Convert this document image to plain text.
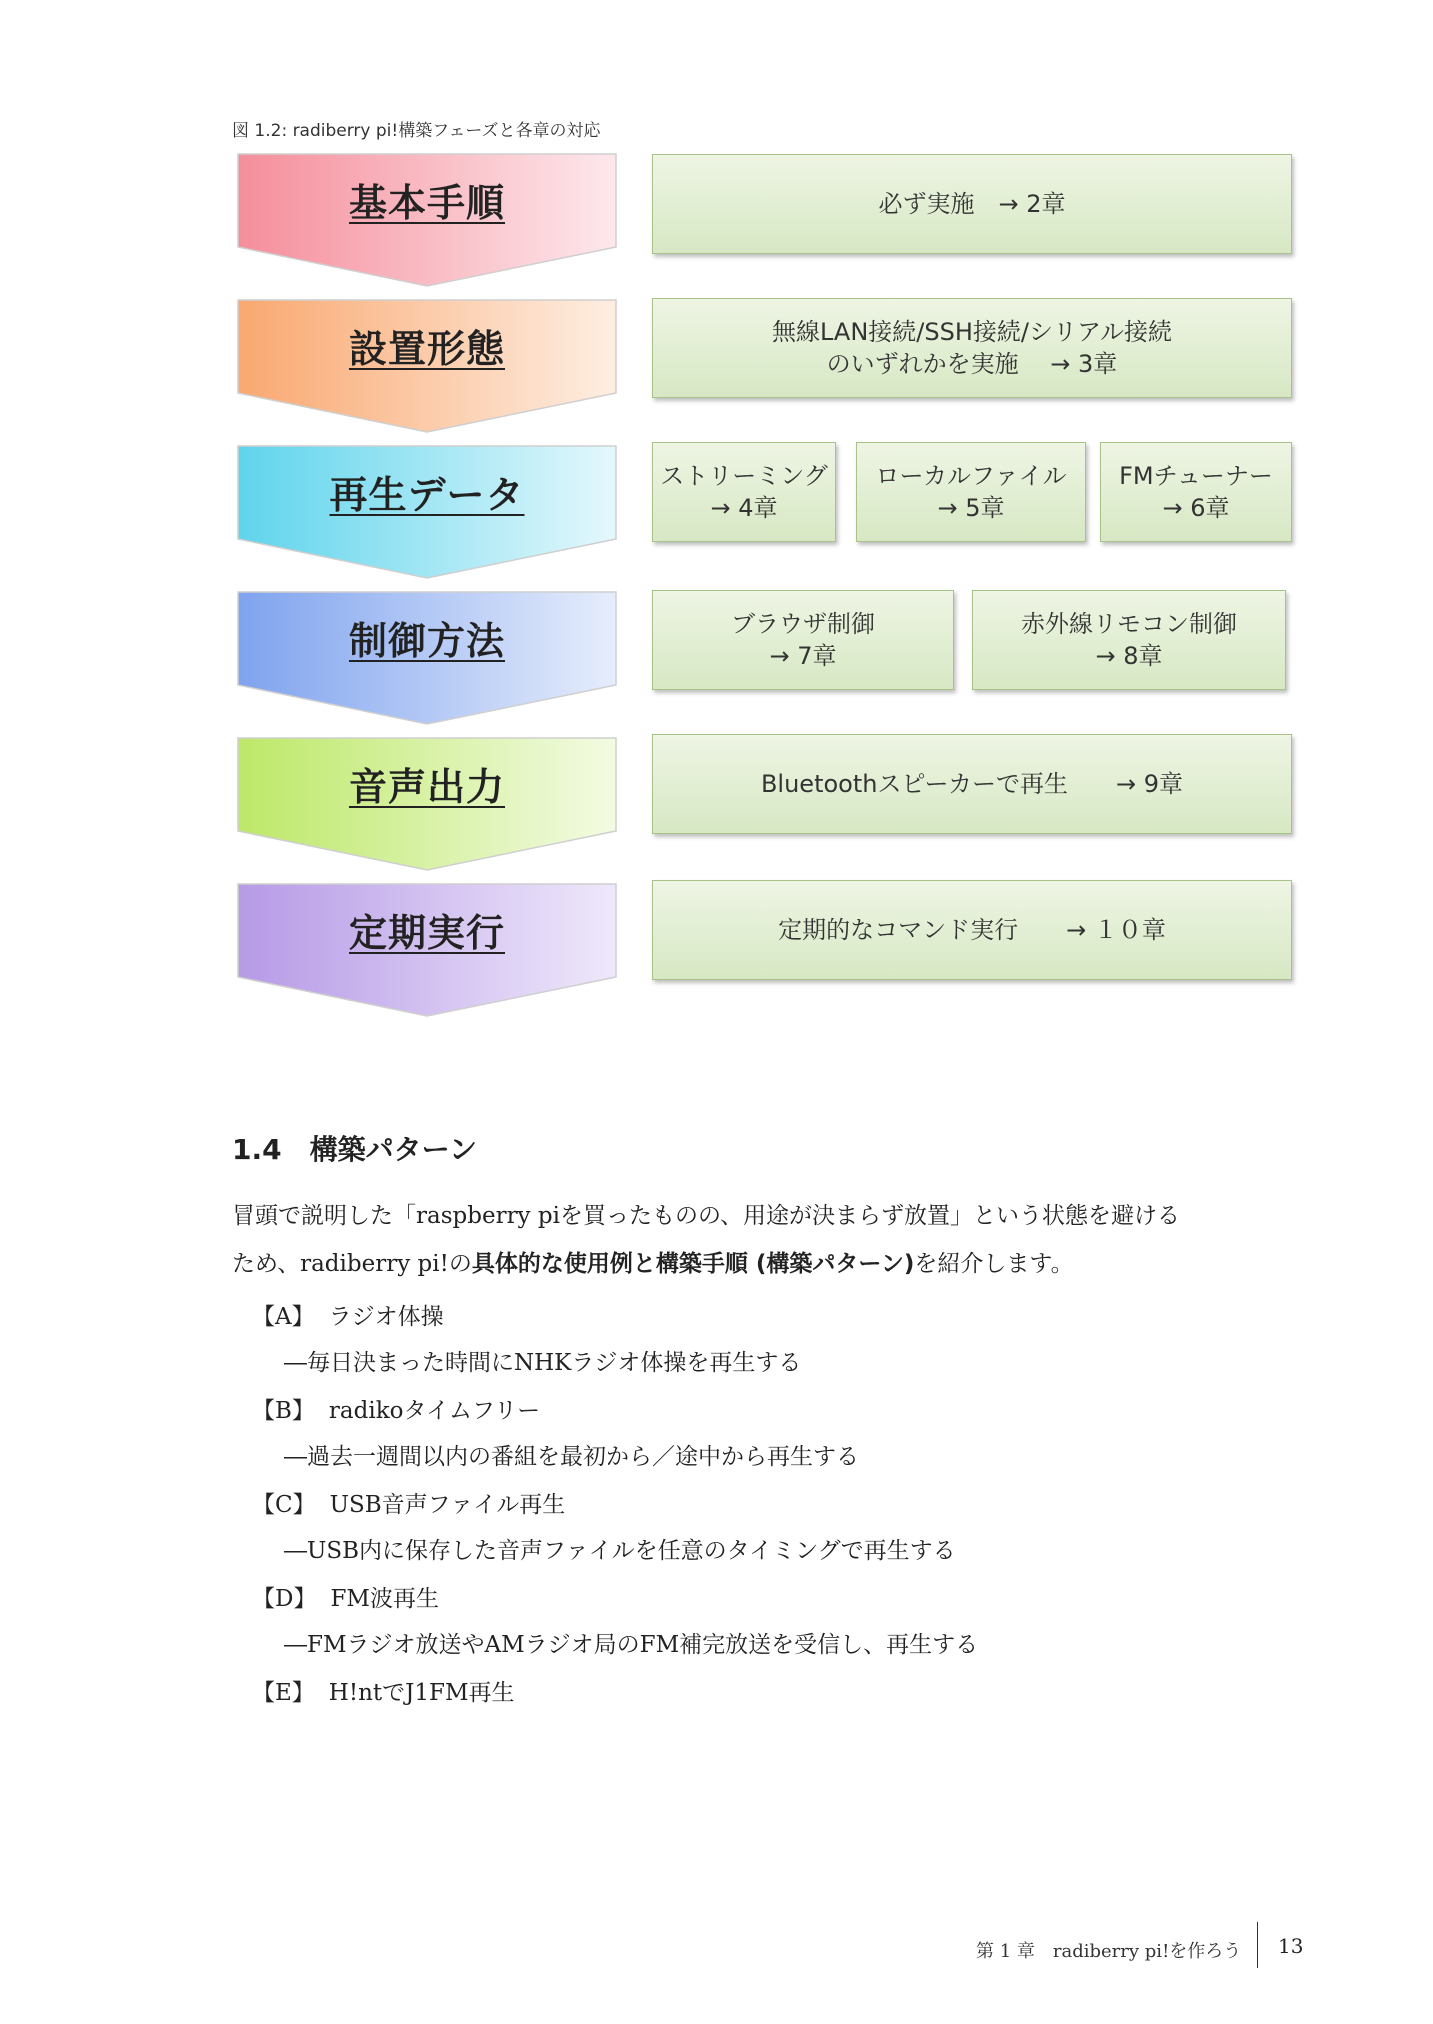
図 1.2: radiberry pi!構築フェーズと各章の対応
基本手順
設置形態
再生データ
制御方法
音声出力
定期実行
必ず実施　→ 2章
無線LAN接続/SSH接続/シリアル接続
のいずれかを実施　 → 3章
ストリーミング
→ 4章
ローカルファイル
→ 5章
FMチューナー
→ 6章
ブラウザ制御
→ 7章
赤外線リモコン制御
→ 8章
Bluetoothスピーカーで再生　　→ 9章
定期的なコマンド実行　　→ １０章
1.4　構築パターン
冒頭で説明した「raspberry piを買ったものの、用途が決まらず放置」という状態を避ける
ため、radiberry pi!の具体的な使用例と構築手順 (構築パターン)を紹介します。
【A】 ラジオ体操
―毎日決まった時間にNHKラジオ体操を再生する
【B】 radikoタイムフリー
―過去一週間以内の番組を最初から／途中から再生する
【C】 USB音声ファイル再生
―USB内に保存した音声ファイルを任意のタイミングで再生する
【D】 FM波再生
―FMラジオ放送やAMラジオ局のFM補完放送を受信し、再生する
【E】 H!ntでJ1FM再生
第 1 章　radiberry pi!を作ろう 13
